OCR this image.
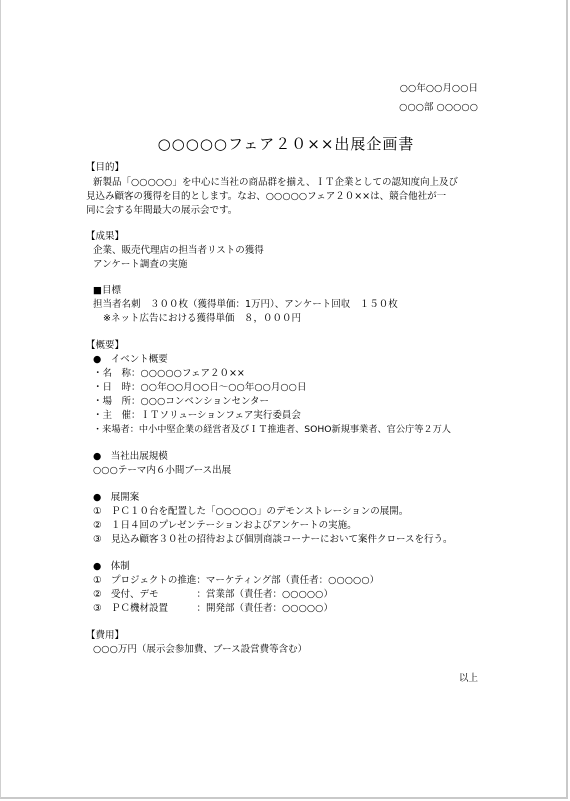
○○年○○月○○日
○○○部 ○○○○○
○○○○○フェア２０××出展企画書
【目的】
新製品「○○○○○」を中心に当社の商品群を揃え、ＩＴ企業としての認知度向上及び
見込み顧客の獲得を目的とします。なお、○○○○○フェア２０××は、競合他社が一
同に会する年間最大の展示会です。
【成果】
企業、販売代理店の担当者リストの獲得
アンケート調査の実施
■目標
担当者名刺　３００枚（獲得単価：1万円）、アンケート回収　１５０枚
※ネット広告における獲得単価　８，０００円
【概要】
●　イベント概要
・名　称：○○○○○フェア２０××
・日　時：○○年○○月○○日～○○年○○月○○日
・場　所：○○○コンベンションセンター
・主　催：ＩＴソリューションフェア実行委員会
・来場者：中小中堅企業の経営者及びＩＴ推進者、SOHO新規事業者、官公庁等２万人
●　当社出展規模
○○○テーマ内６小間ブース出展
●　展開案
①　ＰＣ１０台を配置した「○○○○○」のデモンストレーションの展開。
②　１日４回のプレゼンテーションおよびアンケートの実施。
③　見込み顧客３０社の招待および個別商談コーナーにおいて案件クロースを行う。
●　体制
①　プロジェクトの推進：マーケティング部（責任者：○○○○○）
②　受付、デモ　　　　：営業部（責任者：○○○○○）
③　ＰＣ機材設置　　　：開発部（責任者：○○○○○）
【費用】
○○○万円（展示会参加費、ブース設営費等含む）
以上
